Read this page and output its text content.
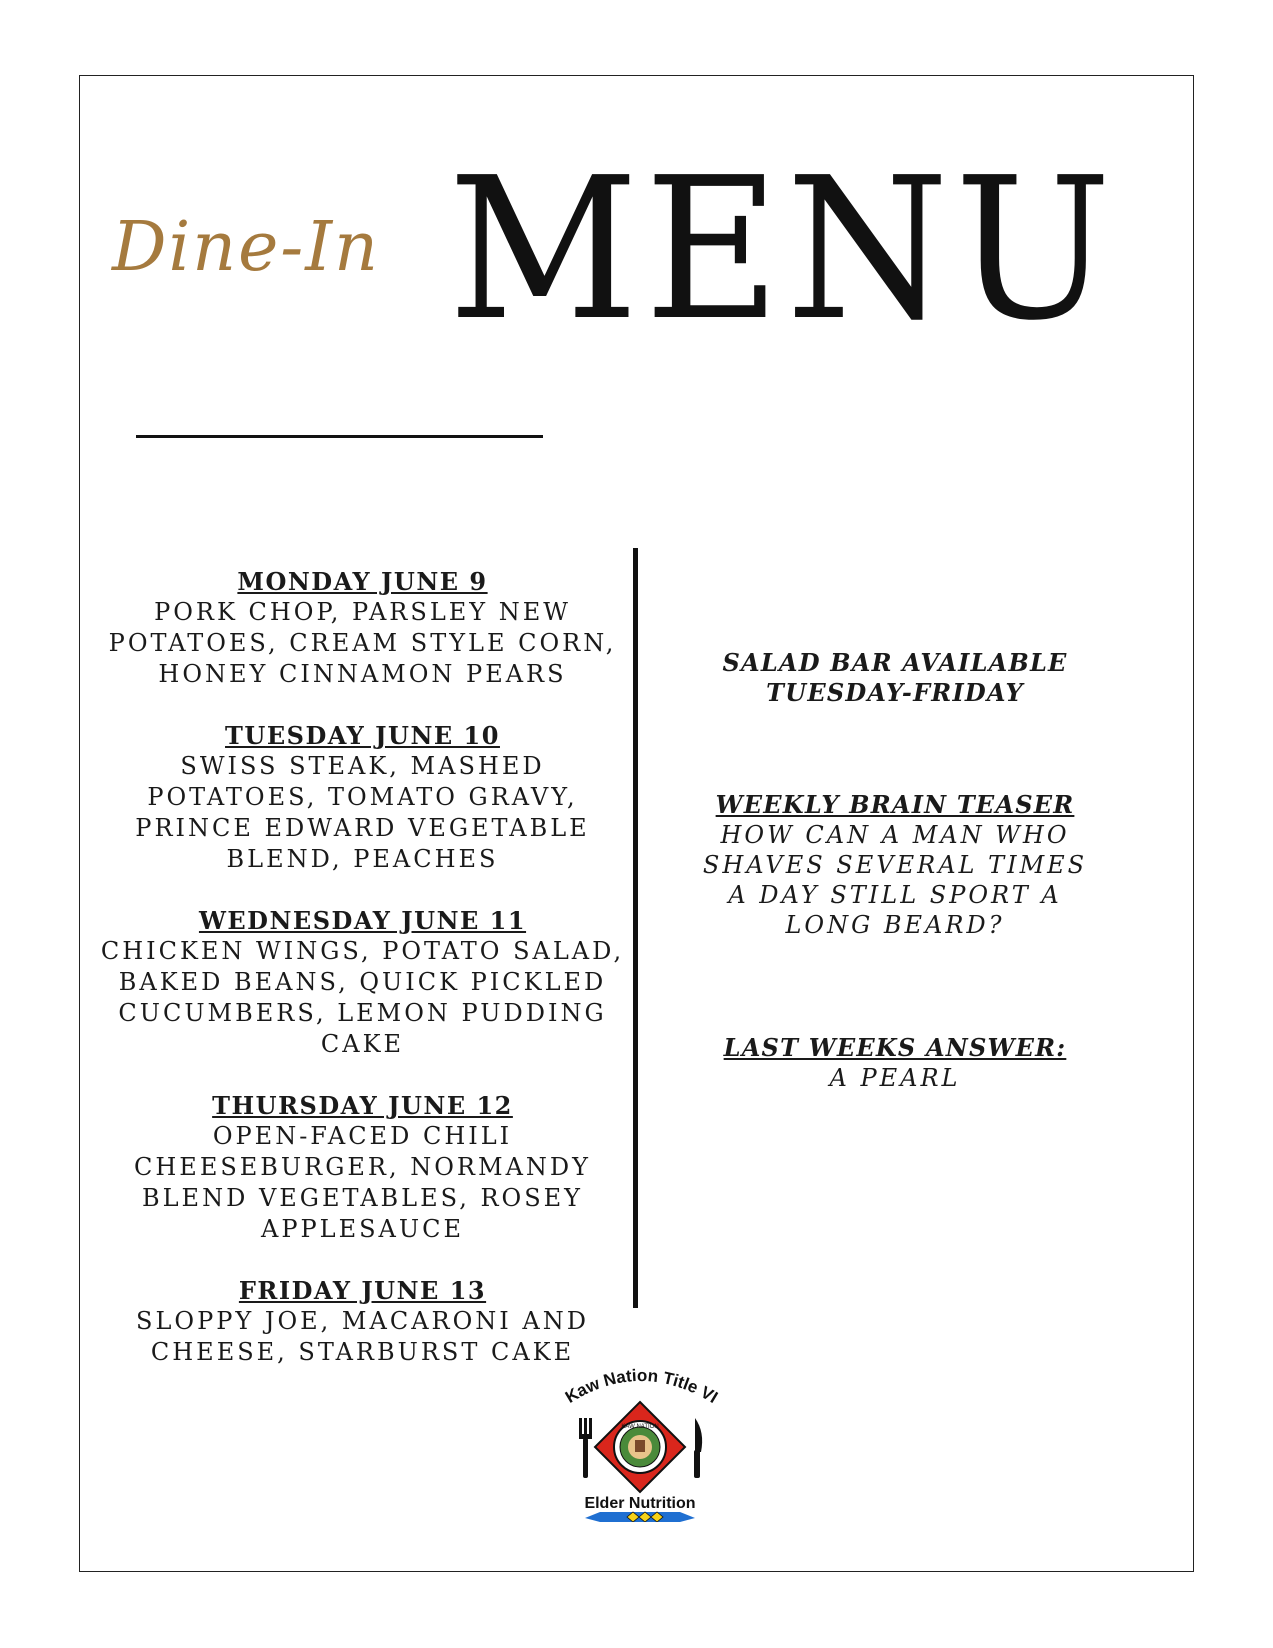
Dine-In MENU
MONDAY JUNE 9
PORK CHOP, PARSLEY NEW POTATOES, CREAM STYLE CORN, HONEY CINNAMON PEARS
TUESDAY JUNE 10
SWISS STEAK, MASHED POTATOES, TOMATO GRAVY, PRINCE EDWARD VEGETABLE BLEND, PEACHES
WEDNESDAY JUNE 11
CHICKEN WINGS, POTATO SALAD, BAKED BEANS, QUICK PICKLED CUCUMBERS, LEMON PUDDING CAKE
THURSDAY JUNE 12
OPEN-FACED CHILI CHEESEBURGER, NORMANDY BLEND VEGETABLES, ROSEY APPLESAUCE
FRIDAY JUNE 13
SLOPPY JOE, MACARONI AND CHEESE, STARBURST CAKE
SALAD BAR AVAILABLE
TUESDAY-FRIDAY
WEEKLY BRAIN TEASER
HOW CAN A MAN WHO SHAVES SEVERAL TIMES A DAY STILL SPORT A LONG BEARD?
LAST WEEKS ANSWER:
A PEARL
Kaw Nation Title VI
KAW NATION
Elder Nutrition
